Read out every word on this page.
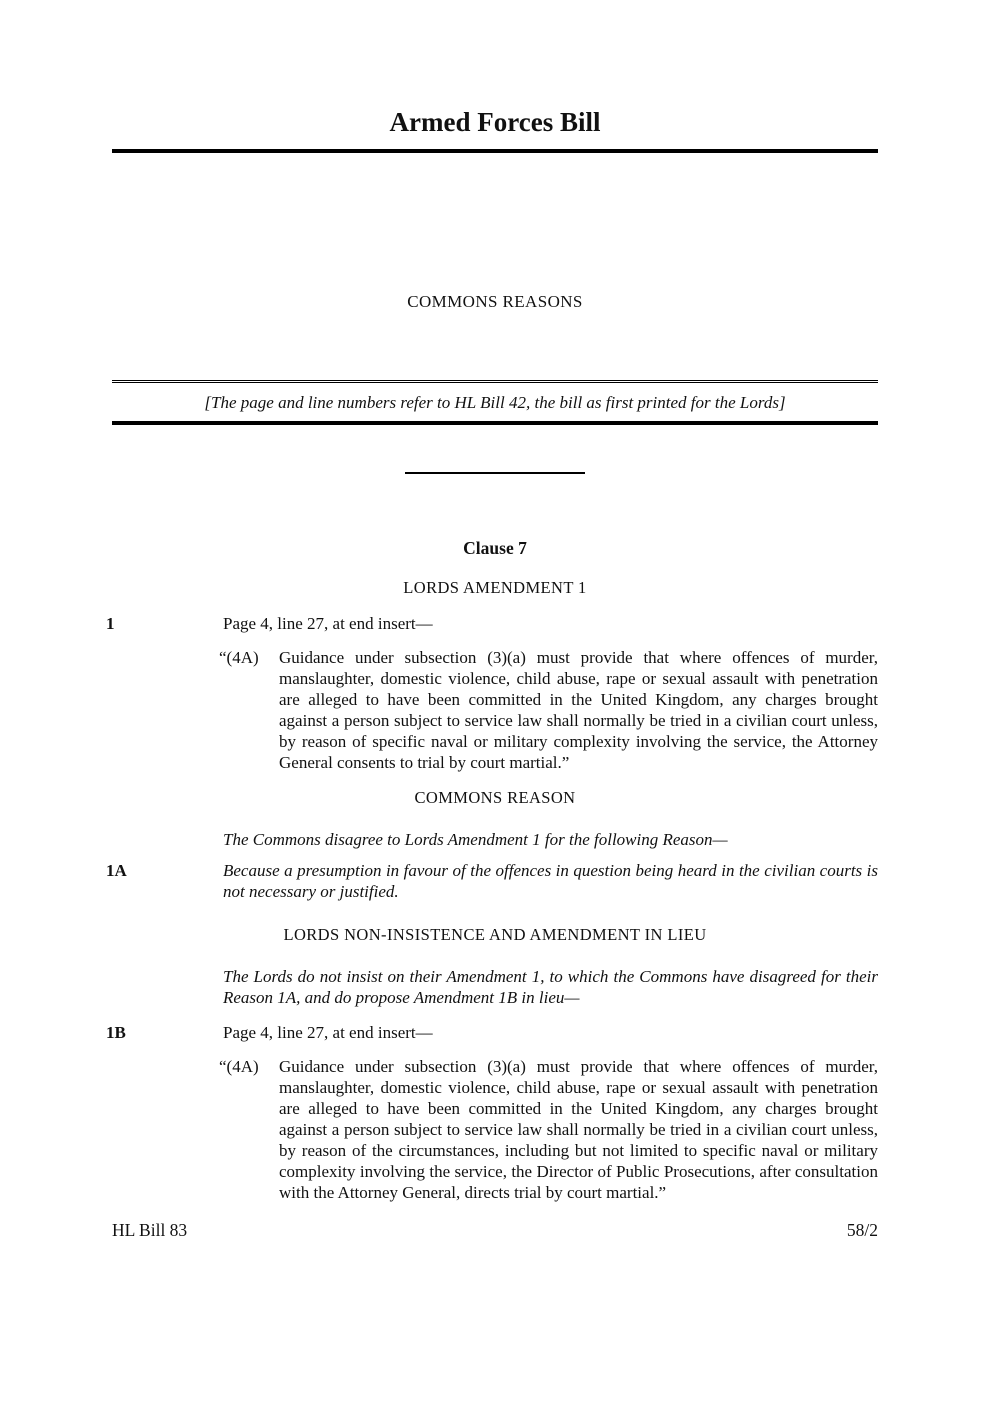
Armed Forces Bill
COMMONS REASONS
[The page and line numbers refer to HL Bill 42, the bill as first printed for the Lords]
Clause 7
LORDS AMENDMENT 1
1	Page 4, line 27, at end insert—
“(4A) Guidance under subsection (3)(a) must provide that where offences of murder, manslaughter, domestic violence, child abuse, rape or sexual assault with penetration are alleged to have been committed in the United Kingdom, any charges brought against a person subject to service law shall normally be tried in a civilian court unless, by reason of specific naval or military complexity involving the service, the Attorney General consents to trial by court martial.”
COMMONS REASON
The Commons disagree to Lords Amendment 1 for the following Reason—
1A	Because a presumption in favour of the offences in question being heard in the civilian courts is not necessary or justified.
LORDS NON-INSISTENCE AND AMENDMENT IN LIEU
The Lords do not insist on their Amendment 1, to which the Commons have disagreed for their Reason 1A, and do propose Amendment 1B in lieu—
1B	Page 4, line 27, at end insert—
“(4A) Guidance under subsection (3)(a) must provide that where offences of murder, manslaughter, domestic violence, child abuse, rape or sexual assault with penetration are alleged to have been committed in the United Kingdom, any charges brought against a person subject to service law shall normally be tried in a civilian court unless, by reason of the circumstances, including but not limited to specific naval or military complexity involving the service, the Director of Public Prosecutions, after consultation with the Attorney General, directs trial by court martial.”
HL Bill 83	58/2
